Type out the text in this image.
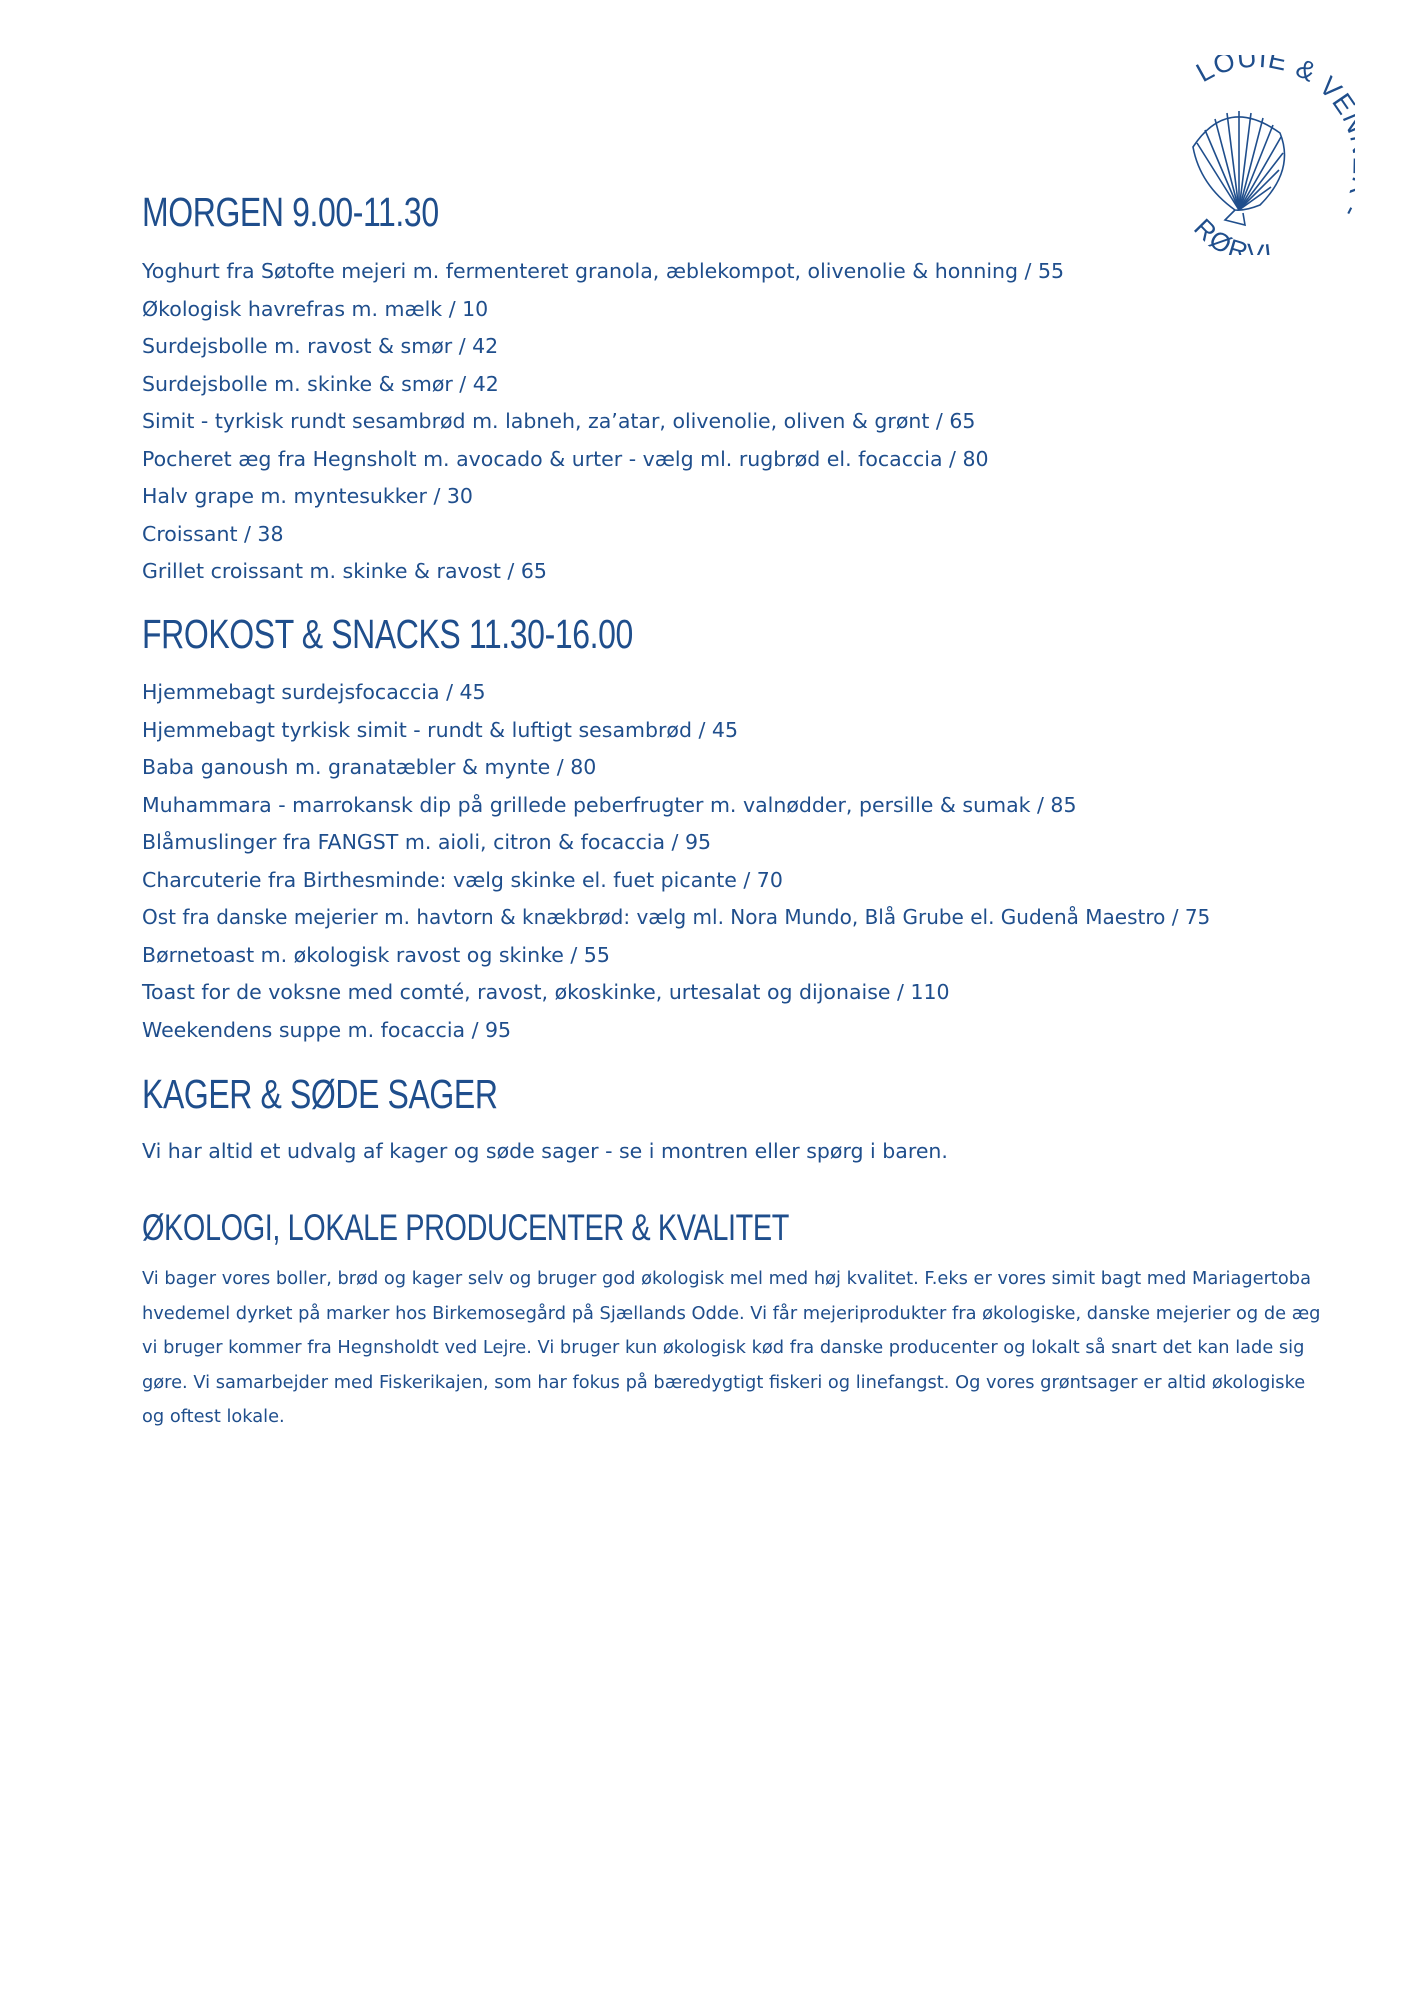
LOUIE & V
RØRVI
MORGEN 9.00-11.30
Yoghurt fra Søtofte mejeri m. fermenteret granola, æblekompot, olivenolie & honning / 55
Økologisk havrefras m. mælk / 10
Surdejsbolle m. ravost & smør / 42
Surdejsbolle m. skinke & smør / 42
Simit - tyrkisk rundt sesambrød m. labneh, za’atar, olivenolie, oliven & grønt / 65
Pocheret æg fra Hegnsholt m. avocado & urter - vælg ml. rugbrød el. focaccia / 80
Halv grape m. myntesukker / 30
Croissant / 38
Grillet croissant m. skinke & ravost / 65
FROKOST & SNACKS 11.30-16.00
Hjemmebagt surdejsfocaccia / 45
Hjemmebagt tyrkisk simit - rundt & luftigt sesambrød / 45
Baba ganoush m. granatæbler & mynte / 80
Muhammara - marrokansk dip på grillede peberfrugter m. valnødder, persille & sumak / 85
Blåmuslinger fra FANGST m. aioli, citron & focaccia / 95
Charcuterie fra Birthesminde: vælg skinke el. fuet picante / 70
Ost fra danske mejerier m. havtorn & knækbrød: vælg ml. Nora Mundo, Blå Grube el. Gudenå Maestro / 75
Børnetoast m. økologisk ravost og skinke / 55
Toast for de voksne med comté, ravost, økoskinke, urtesalat og dijonaise / 110
Weekendens suppe m. focaccia / 95
KAGER & SØDE SAGER

Vi har altid et udvalg af kager og søde sager - se i montren eller spørg i baren.

ØKOLOGI, LOKALE PRODUCENTER & KVALITET

Vi bager vores boller, brød og kager selv og bruger god økologisk mel med høj kvalitet. F.eks er vores simit bagt med Mariagertoba hvedemel dyrket på marker hos Birkemosegård på Sjællands Odde. Vi får mejeriprodukter fra økologiske, danske mejerier og de æg vi bruger kommer fra Hegnsholdt ved Lejre. Vi bruger kun økologisk kød fra danske producenter og lokalt så snart det kan lade sig gøre. Vi samarbejder med Fiskerikajen, som har fokus på bæredygtigt fiskeri og linefangst. Og vores grøntsager er altid økologiske og oftest lokale.
